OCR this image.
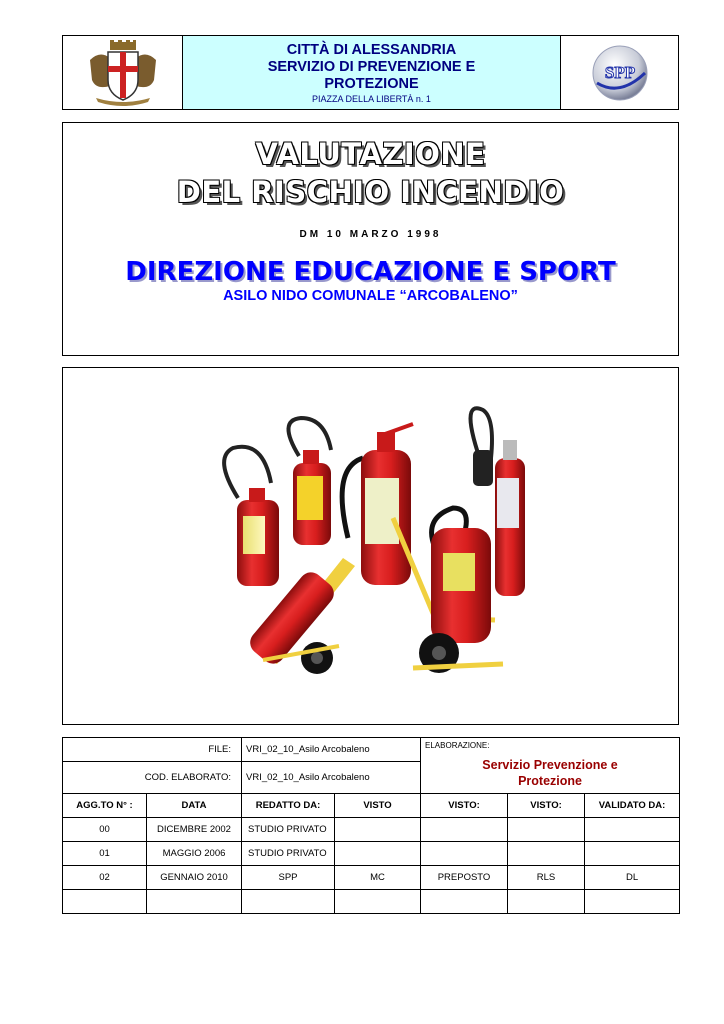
CITTÀ DI ALESSANDRIA
SERVIZIO DI PREVENZIONE E
PROTEZIONE
PIAZZA DELLA LIBERTÀ n. 1
SPP
VALUTAZIONE
DEL RISCHIO INCENDIO
DM 10 MARZO 1998
DIREZIONE EDUCAZIONE E SPORT
ASILO NIDO COMUNALE “ARCOBALENO”
FILE:		VRI_02_10_Asilo Arcobaleno		ELABORAZIONE:
Servizio Prevenzione e
Protezione		

COD. ELABORATO:		VRI_02_10_Asilo Arcobaleno				
AGG.TO N° :	DATA	REDATTO DA:	VISTO	VISTO:	VISTO:	VALIDATO DA:
00	DICEMBRE 2002	STUDIO PRIVATO				
01	MAGGIO 2006	STUDIO PRIVATO				
02	GENNAIO 2010	SPP	MC	PREPOSTO	RLS	DL
